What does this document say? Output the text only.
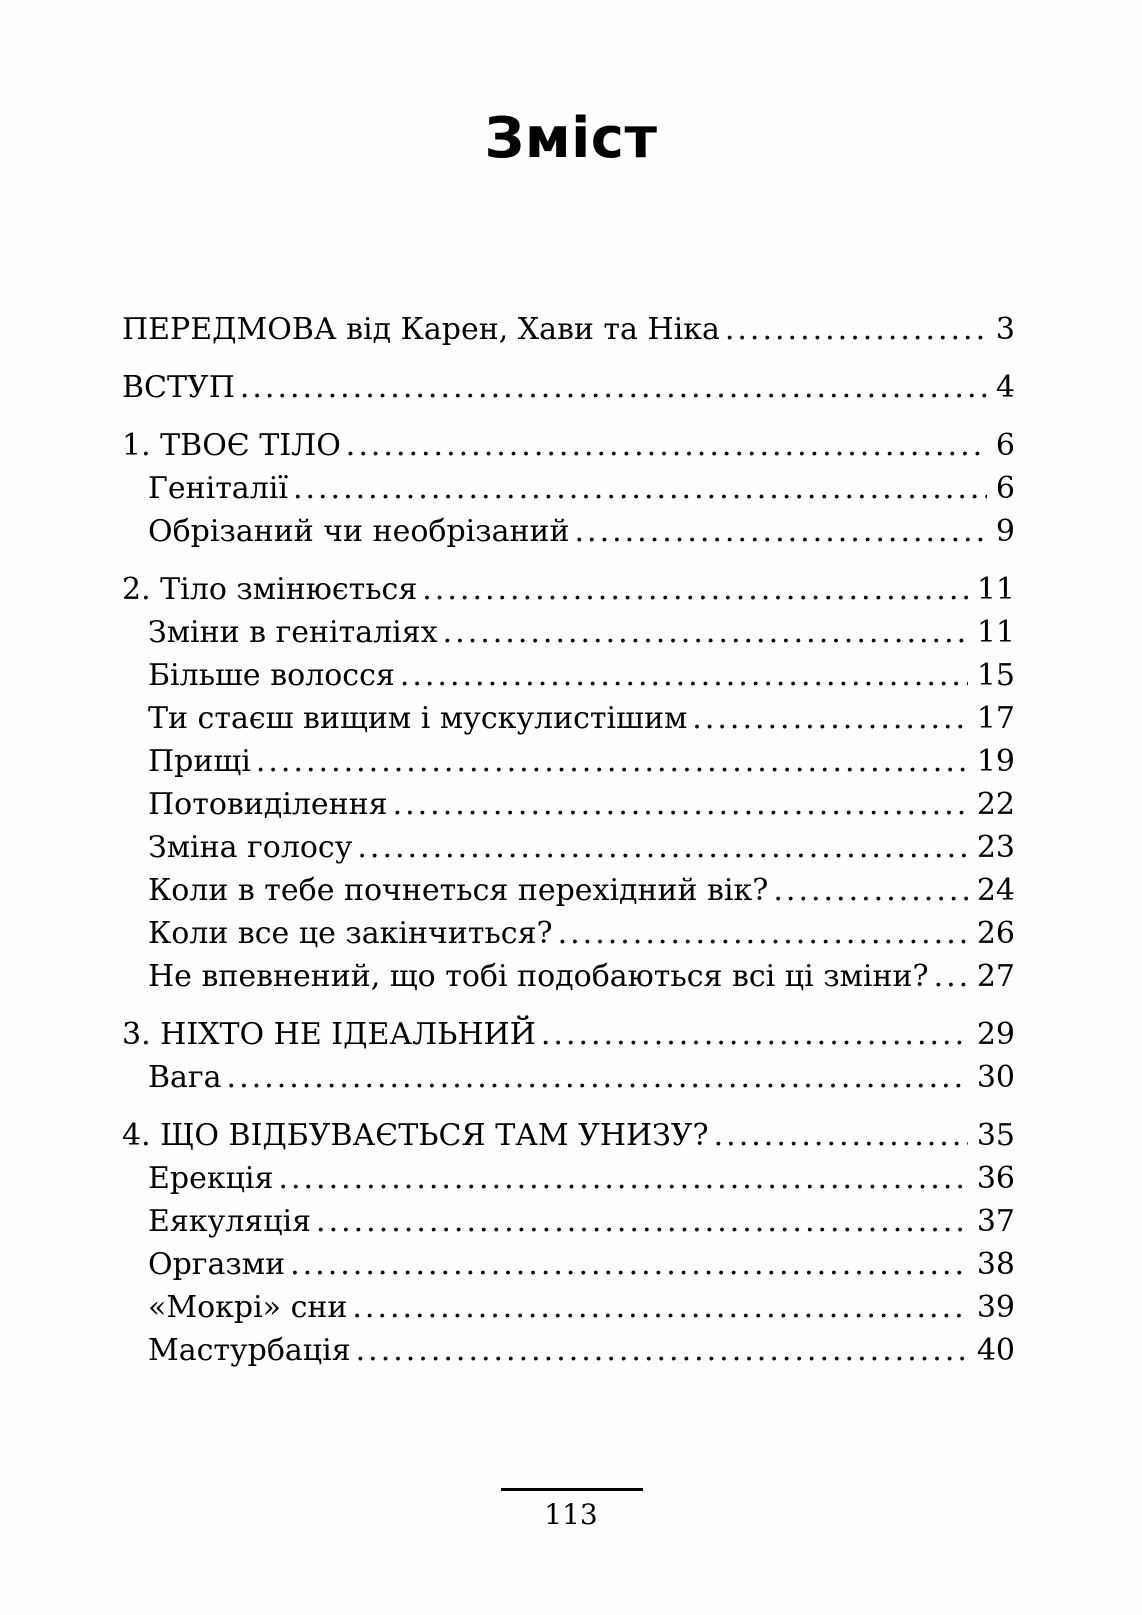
Зміст
ПЕРЕДМОВА від Карен, Хави та Ніка .....	3
ВСТУП .....	4
1. ТВОЄ ТІЛО .....	6
Геніталії .....	6
Обрізаний чи необрізаний .....	9
2. Тіло змінюється .....	11
Зміни в геніталіях .....	11
Більше волосся .....	15
Ти стаєш вищим і мускулистішим .....	17
Прищі .....	19
Потовиділення .....	22
Зміна голосу .....	23
Коли в тебе почнеться перехідний вік? .....	24
Коли все це закінчиться? .....	26
Не впевнений, що тобі подобаються всі ці зміни? ..... 27
3. НІХТО НЕ ІДЕАЛЬНИЙ .....	29
Вага .....	30
4. ЩО ВІДБУВАЄТЬСЯ ТАМ УНИЗУ? .....	35
Ерекція .....	36
Еякуляція .....	37
Оргазми .....	38
«Мокрі» сни .....	39
Мастурбація .....	40
113
